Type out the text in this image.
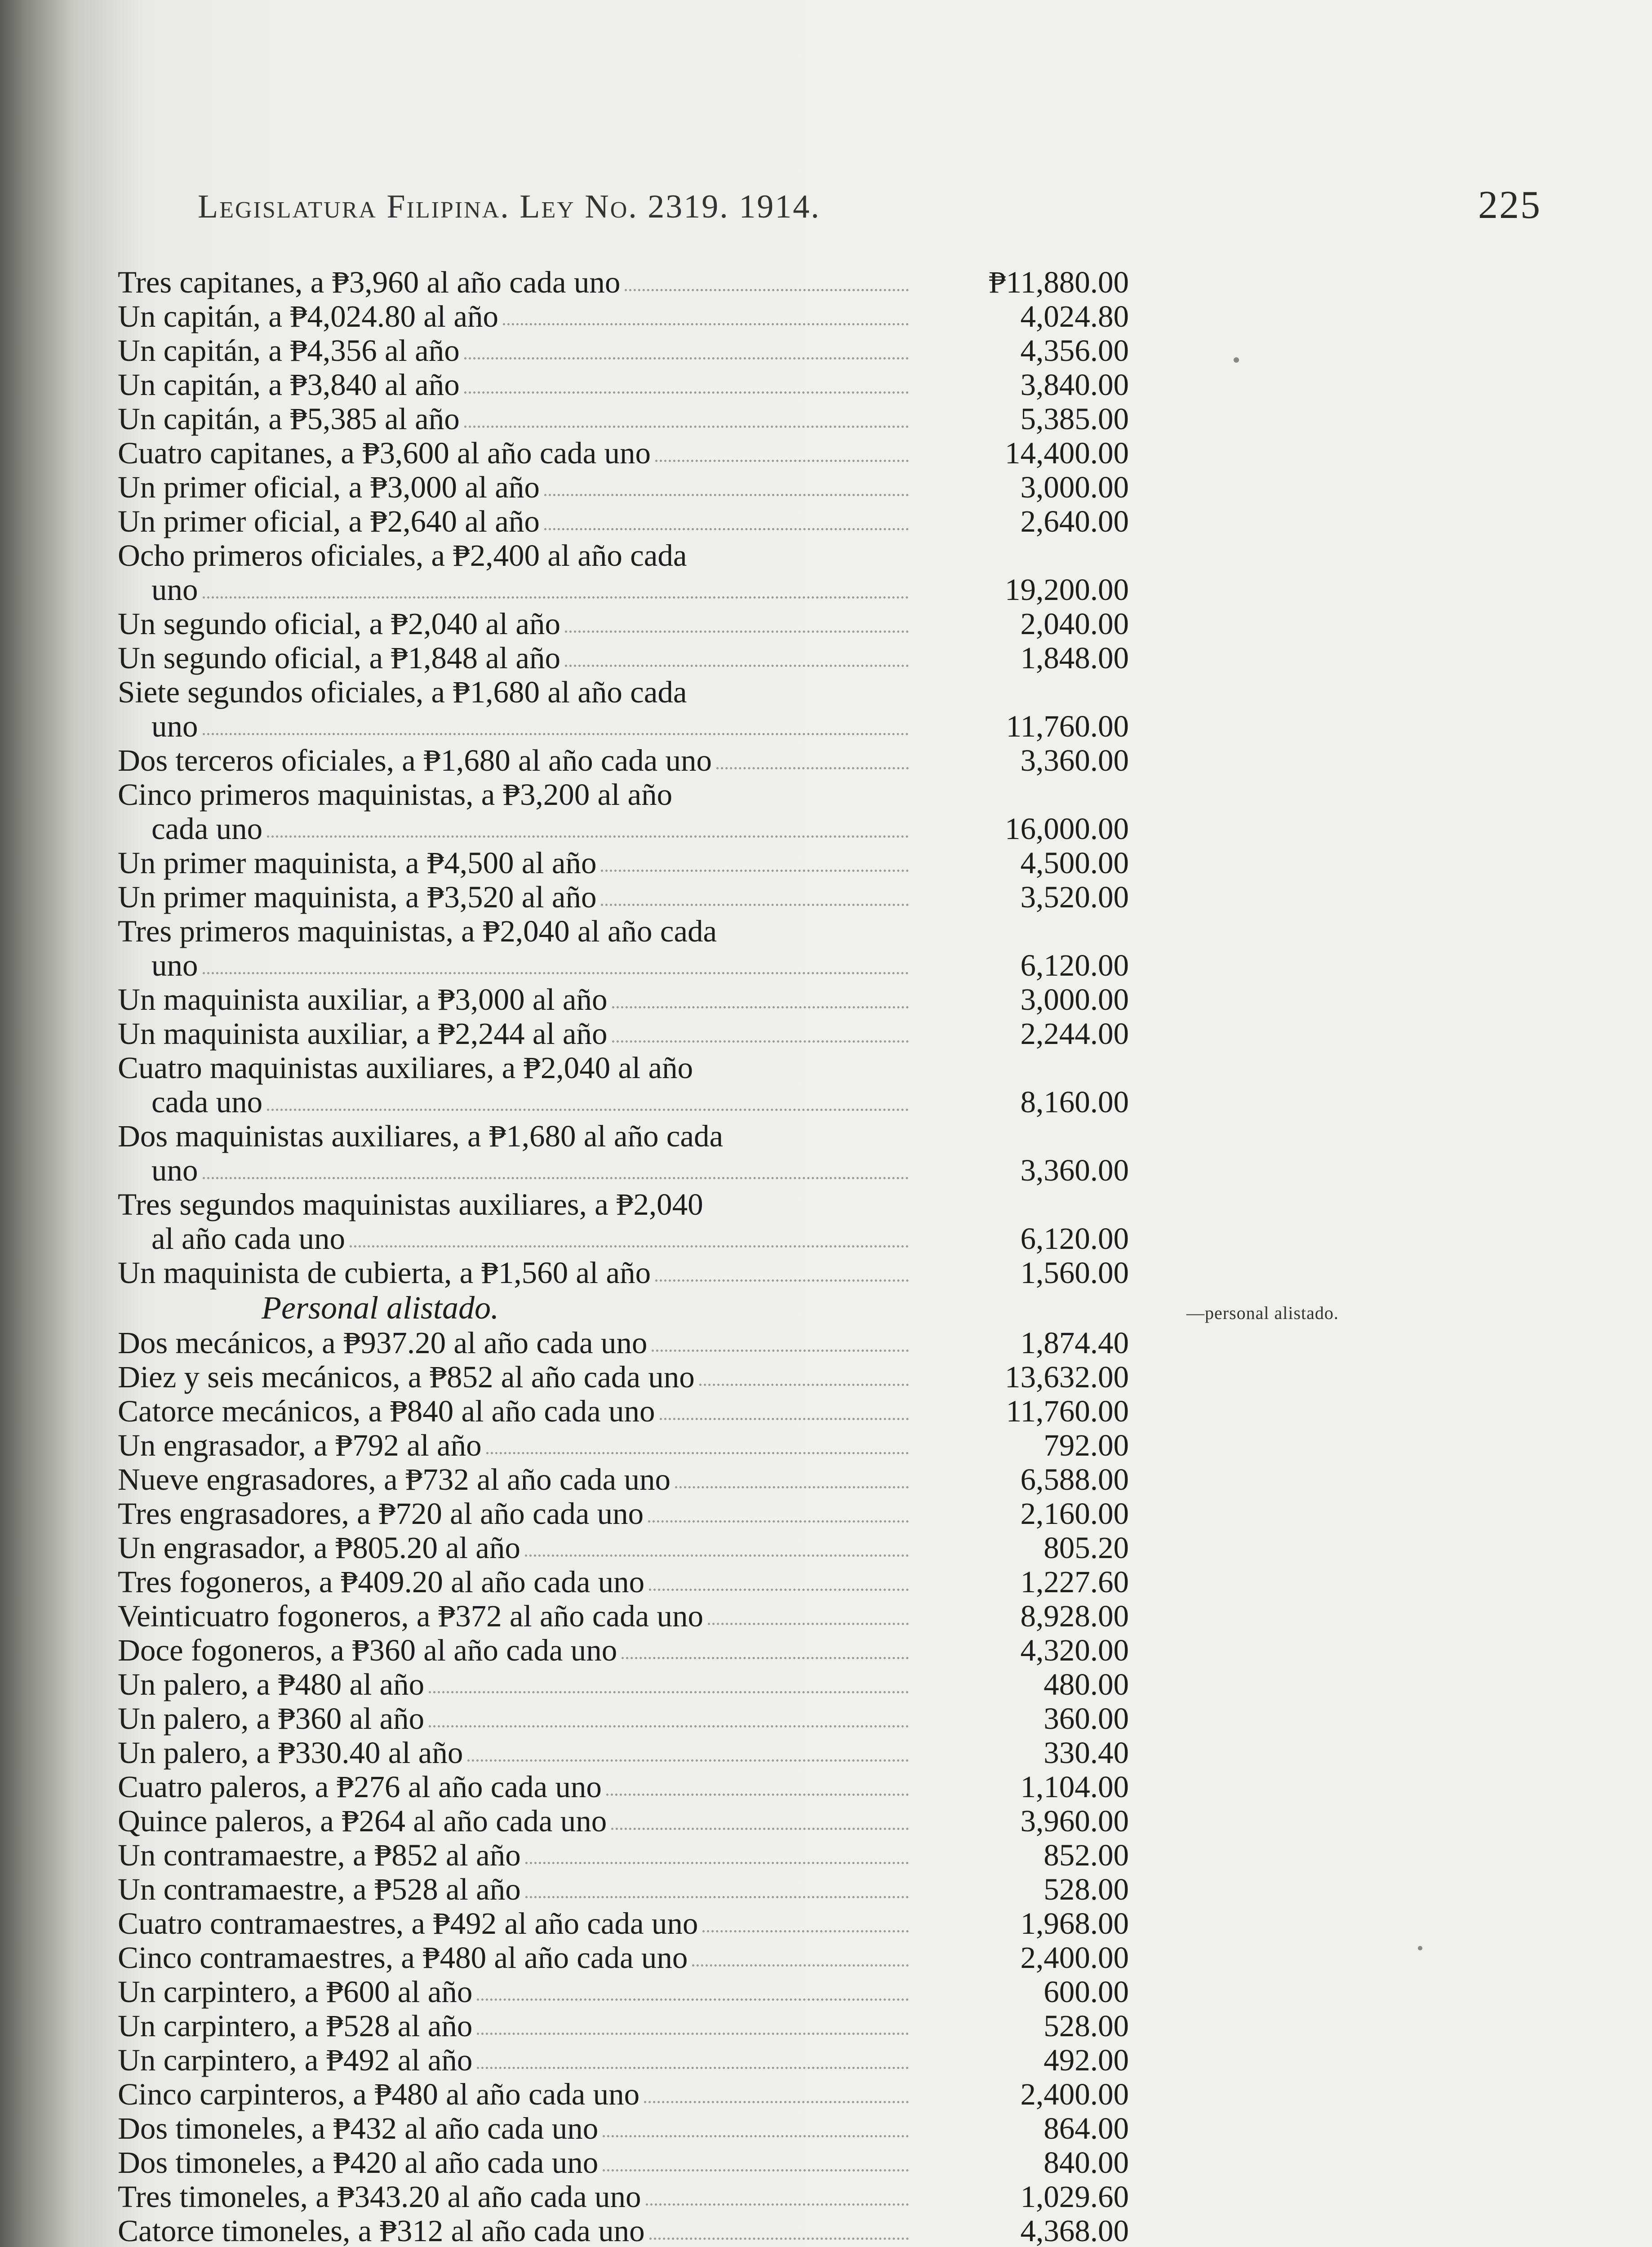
Legislatura Filipina. Ley No. 2319. 1914.	225
Tres capitanes, a ₱3,960 al año cada uno	₱11,880.00
Un capitán, a ₱4,024.80 al año	4,024.80
Un capitán, a ₱4,356 al año	4,356.00
Un capitán, a ₱3,840 al año	3,840.00
Un capitán, a ₱5,385 al año	5,385.00
Cuatro capitanes, a ₱3,600 al año cada uno	14,400.00
Un primer oficial, a ₱3,000 al año	3,000.00
Un primer oficial, a ₱2,640 al año	2,640.00
Ocho primeros oficiales, a ₱2,400 al año cada
uno	19,200.00
Un segundo oficial, a ₱2,040 al año	2,040.00
Un segundo oficial, a ₱1,848 al año	1,848.00
Siete segundos oficiales, a ₱1,680 al año cada
uno	11,760.00
Dos terceros oficiales, a ₱1,680 al año cada uno	3,360.00
Cinco primeros maquinistas, a ₱3,200 al año
cada uno	16,000.00
Un primer maquinista, a ₱4,500 al año	4,500.00
Un primer maquinista, a ₱3,520 al año	3,520.00
Tres primeros maquinistas, a ₱2,040 al año cada
uno	6,120.00
Un maquinista auxiliar, a ₱3,000 al año	3,000.00
Un maquinista auxiliar, a ₱2,244 al año	2,244.00
Cuatro maquinistas auxiliares, a ₱2,040 al año
cada uno	8,160.00
Dos maquinistas auxiliares, a ₱1,680 al año cada
uno	3,360.00
Tres segundos maquinistas auxiliares, a ₱2,040
al año cada uno	6,120.00
Un maquinista de cubierta, a ₱1,560 al año	1,560.00
Personal alistado.
Dos mecánicos, a ₱937.20 al año cada uno	1,874.40
Diez y seis mecánicos, a ₱852 al año cada uno	13,632.00
Catorce mecánicos, a ₱840 al año cada uno	11,760.00
Un engrasador, a ₱792 al año	792.00
Nueve engrasadores, a ₱732 al año cada uno	6,588.00
Tres engrasadores, a ₱720 al año cada uno	2,160.00
Un engrasador, a ₱805.20 al año	805.20
Tres fogoneros, a ₱409.20 al año cada uno	1,227.60
Veinticuatro fogoneros, a ₱372 al año cada uno	8,928.00
Doce fogoneros, a ₱360 al año cada uno	4,320.00
Un palero, a ₱480 al año	480.00
Un palero, a ₱360 al año	360.00
Un palero, a ₱330.40 al año	330.40
Cuatro paleros, a ₱276 al año cada uno	1,104.00
Quince paleros, a ₱264 al año cada uno	3,960.00
Un contramaestre, a ₱852 al año	852.00
Un contramaestre, a ₱528 al año	528.00
Cuatro contramaestres, a ₱492 al año cada uno	1,968.00
Cinco contramaestres, a ₱480 al año cada uno	2,400.00
Un carpintero, a ₱600 al año	600.00
Un carpintero, a ₱528 al año	528.00
Un carpintero, a ₱492 al año	492.00
Cinco carpinteros, a ₱480 al año cada uno	2,400.00
Dos timoneles, a ₱432 al año cada uno	864.00
Dos timoneles, a ₱420 al año cada uno	840.00
Tres timoneles, a ₱343.20 al año cada uno	1,029.60
Catorce timoneles, a ₱312 al año cada uno	4,368.00
—personal alistado.
